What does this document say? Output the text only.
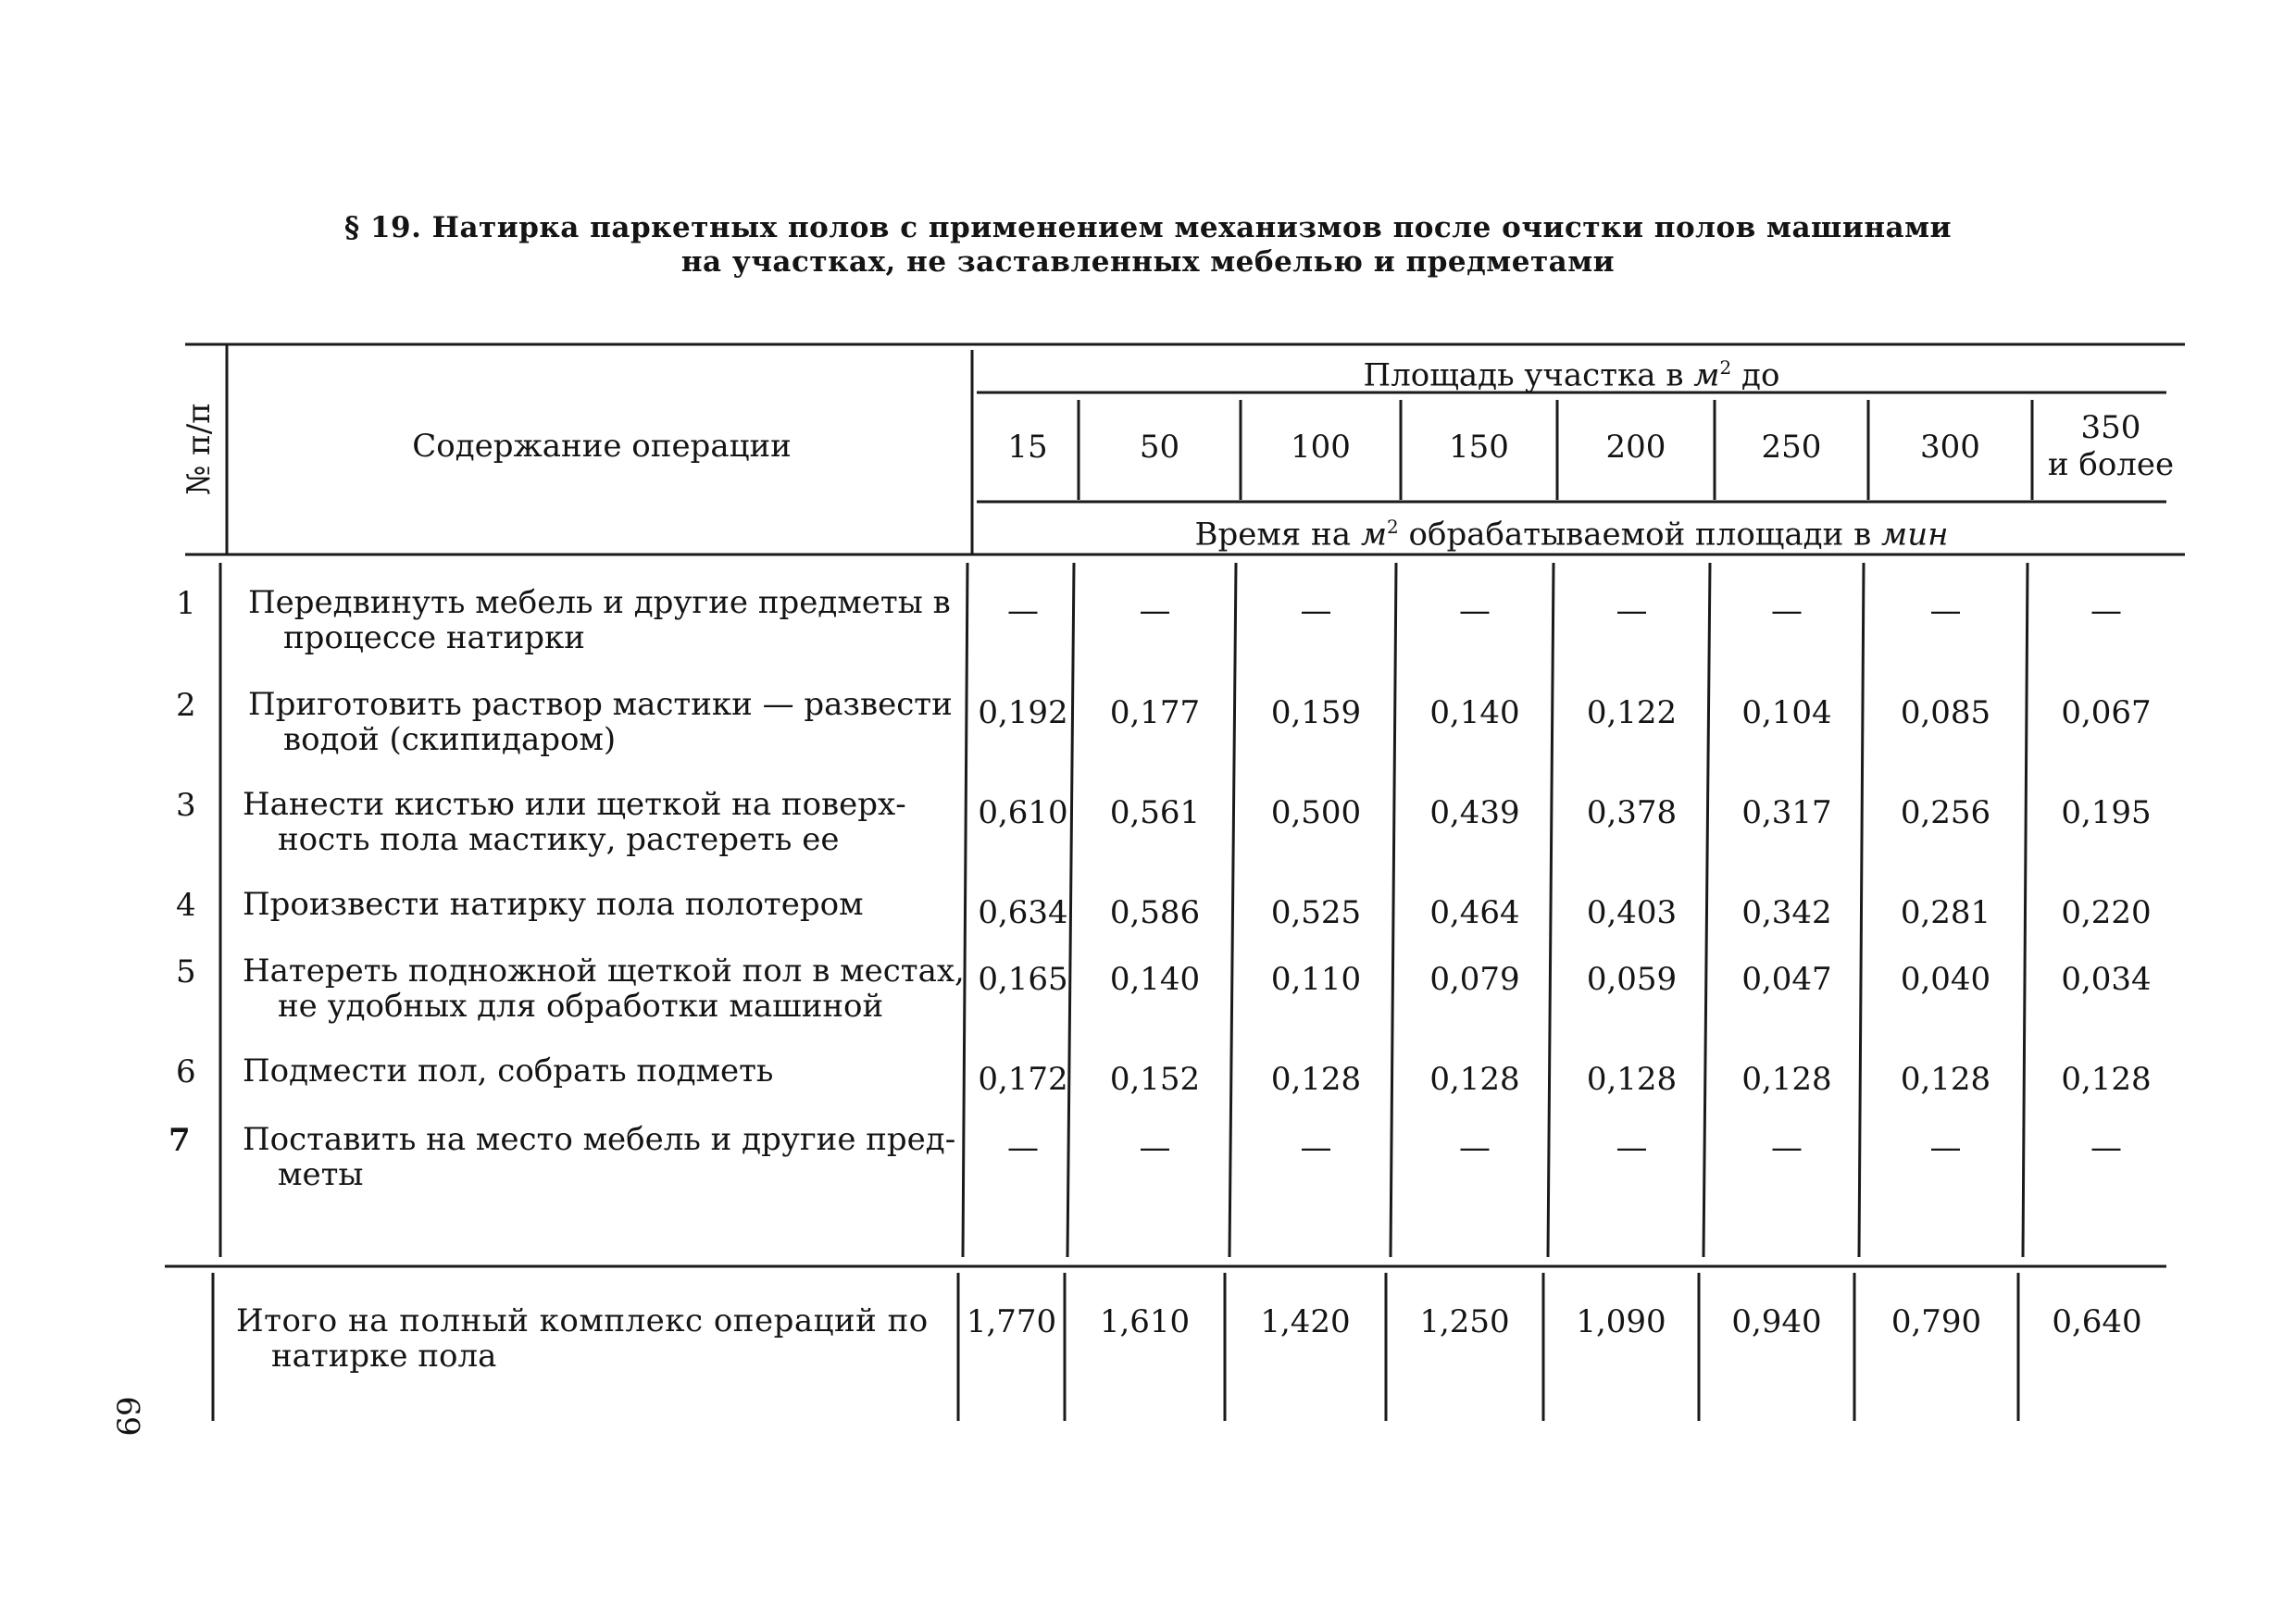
§ 19. Натирка паркетных полов с применением механизмов после очистки полов машинами
на участках, не заставленных мебелью и предметами
№ п/п	Содержание операции
Площадь участка в $м^2$ до
15	50	100	150	200	250	300
350
и более
Время на $м^2$ обрабатываемой площади в мин
1 Передвинуть мебель и другие предметы в
процессе натирки
—	—	—	—	—	—	—	—
2 Приготовить раствор мастики — развести
водой (скипидаром)
0,192	0,177	0,159	0,140	0,122	0,104	0,085	0,067
3 Нанести кистью или щеткой на поверх-
ность пола мастику, растереть ее
0,610	0,561	0,500	0,439	0,378	0,317	0,256	0,195
4 Произвести натирку пола полотером	0,634	0,586	0,525	0,464	0,403	0,342	0,281	0,220
5 Натереть подножной щеткой пол в местах,
не удобных для обработки машиной
0,165	0,140	0,110	0,079	0,059	0,047	0,040	0,034
6 Подмести пол, собрать подметь	0,172	0,152	0,128	0,128	0,128	0,128	0,128	0,128
7 Поставить на место мебель и другие пред-
меты
—	—	—	—	—	—	—	—
Итого на полный комплекс операций по
натирке пола
1,770	1,610	1,420	1,250	1,090	0,940	0,790	0,640
69
